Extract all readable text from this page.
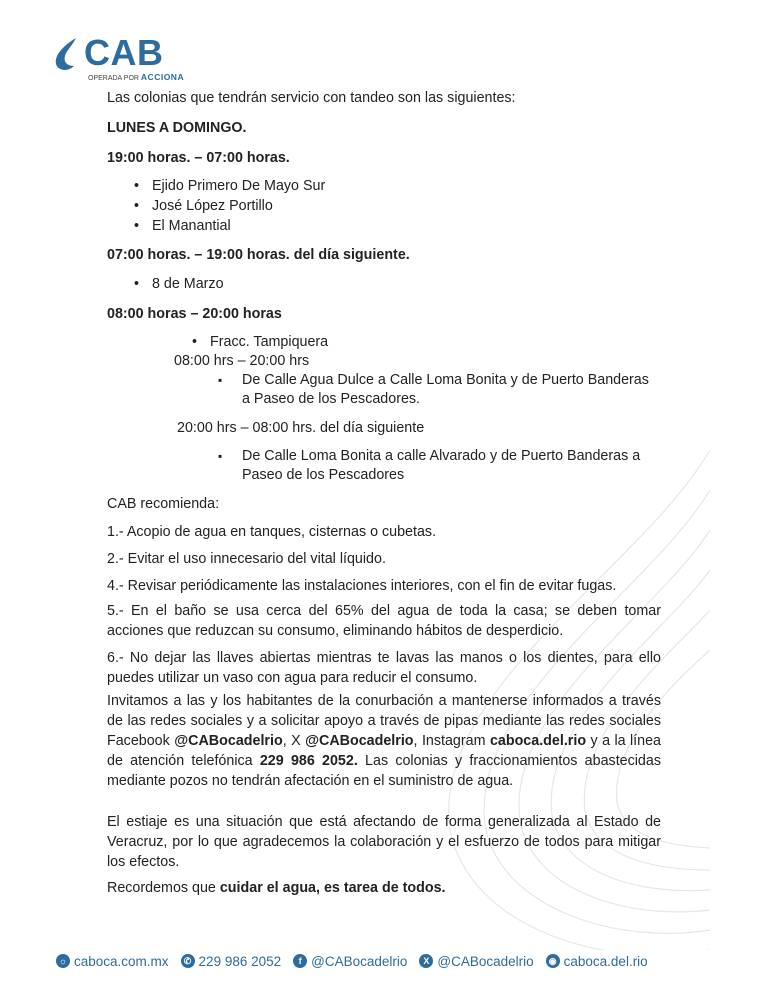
CAB
OPERADA POR ACCIONA

Las colonias que tendrán servicio con tandeo son las siguientes:

LUNES A DOMINGO.

19:00 horas. – 07:00 horas.

• Ejido Primero De Mayo Sur

• José López Portillo

• El Manantial

07:00 horas. – 19:00 horas. del día siguiente.

• 8 de Marzo

08:00 horas – 20:00 horas

• Fracc. Tampiquera

08:00 hrs – 20:00 hrs

▪ De Calle Agua Dulce a Calle Loma Bonita y de Puerto Banderas

a Paseo de los Pescadores.

20:00 hrs – 08:00 hrs. del día siguiente

▪ De Calle Loma Bonita a calle Alvarado y de Puerto Banderas a

Paseo de los Pescadores

CAB recomienda:

1.- Acopio de agua en tanques, cisternas o cubetas.

2.- Evitar el uso innecesario del vital líquido.

4.- Revisar periódicamente las instalaciones interiores, con el fin de evitar fugas.

5.- En el baño se usa cerca del 65% del agua de toda la casa; se deben tomar acciones que reduzcan su consumo, eliminando hábitos de desperdicio.

6.- No dejar las llaves abiertas mientras te lavas las manos o los dientes, para ello puedes utilizar un vaso con agua para reducir el consumo.

Invitamos a las y los habitantes de la conurbación a mantenerse informados a través de las redes sociales y a solicitar apoyo a través de pipas mediante las redes sociales Facebook @CABocadelrio, X @CABocadelrio, Instagram caboca.del.rio y a la línea de atención telefónica 229 986 2052. Las colonias y fraccionamientos abastecidas mediante pozos no tendrán afectación en el suministro de agua.

El estiaje es una situación que está afectando de forma generalizada al Estado de Veracruz, por lo que agradecemos la colaboración y el esfuerzo de todos para mitigar los efectos.

Recordemos que cuidar el agua, es tarea de todos.

☼ caboca.com.mx	✆ 229 986 2052	f @CABocadelrio	X @CABocadelrio	◉ caboca.del.rio
